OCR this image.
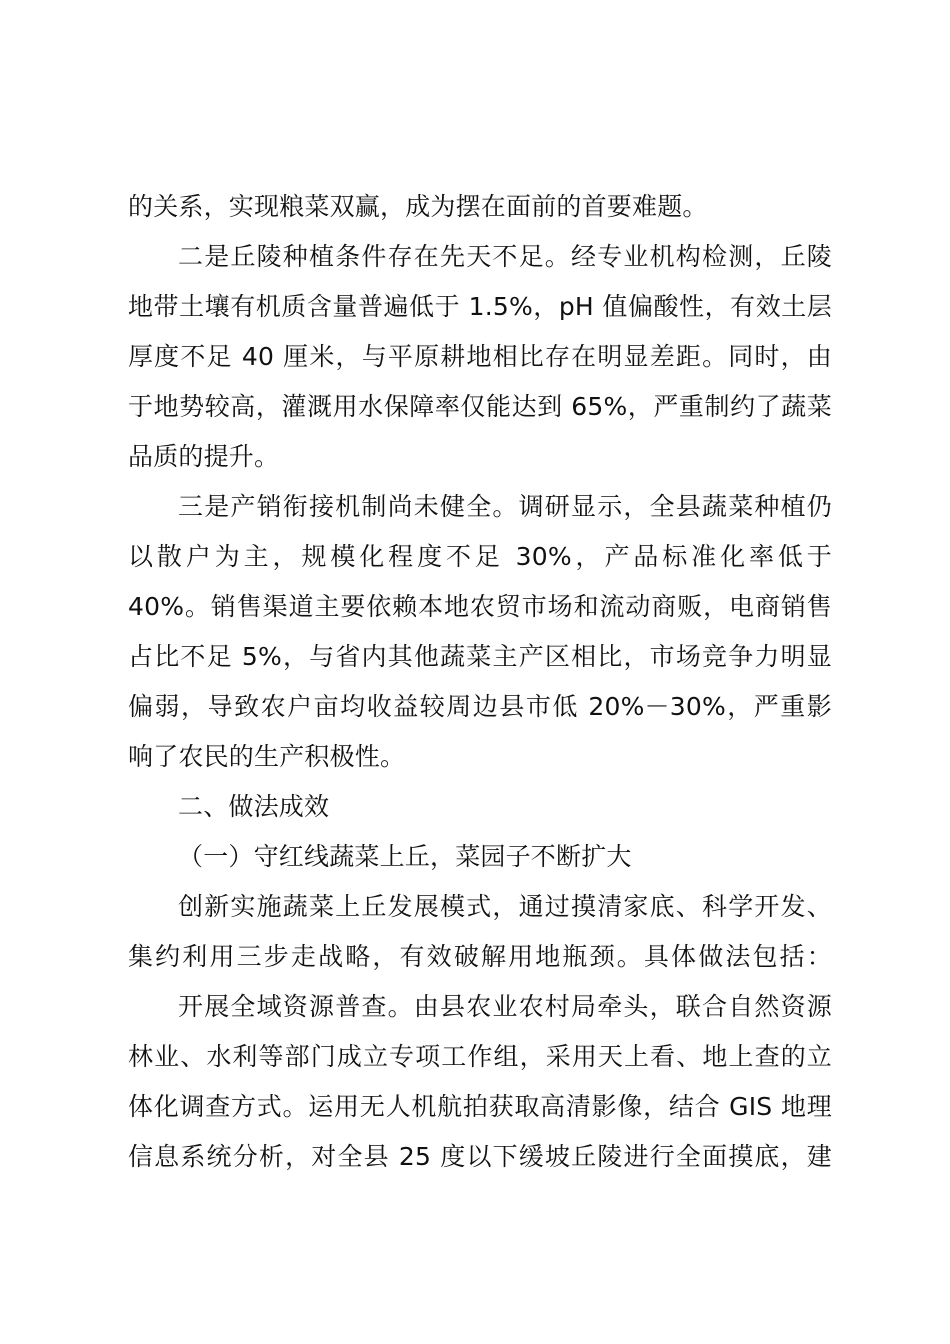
的关系，实现粮菜双赢，成为摆在面前的首要难题。
二是丘陵种植条件存在先天不足。经专业机构检测，丘陵
地带土壤有机质含量普遍低于 1.5%，pH 值偏酸性，有效土层
厚度不足 40 厘米，与平原耕地相比存在明显差距。同时，由
于地势较高，灌溉用水保障率仅能达到 65%，严重制约了蔬菜
品质的提升。
三是产销衔接机制尚未健全。调研显示，全县蔬菜种植仍
以散户为主，规模化程度不足 30%，产品标准化率低于
40%。销售渠道主要依赖本地农贸市场和流动商贩，电商销售
占比不足 5%，与省内其他蔬菜主产区相比，市场竞争力明显
偏弱，导致农户亩均收益较周边县市低 20%－30%，严重影
响了农民的生产积极性。
二、做法成效
（一）守红线蔬菜上丘，菜园子不断扩大
创新实施蔬菜上丘发展模式，通过摸清家底、科学开发、
集约利用三步走战略，有效破解用地瓶颈。具体做法包括：
开展全域资源普查。由县农业农村局牵头，联合自然资源
林业、水利等部门成立专项工作组，采用天上看、地上查的立
体化调查方式。运用无人机航拍获取高清影像，结合 GIS 地理
信息系统分析，对全县 25 度以下缓坡丘陵进行全面摸底，建
